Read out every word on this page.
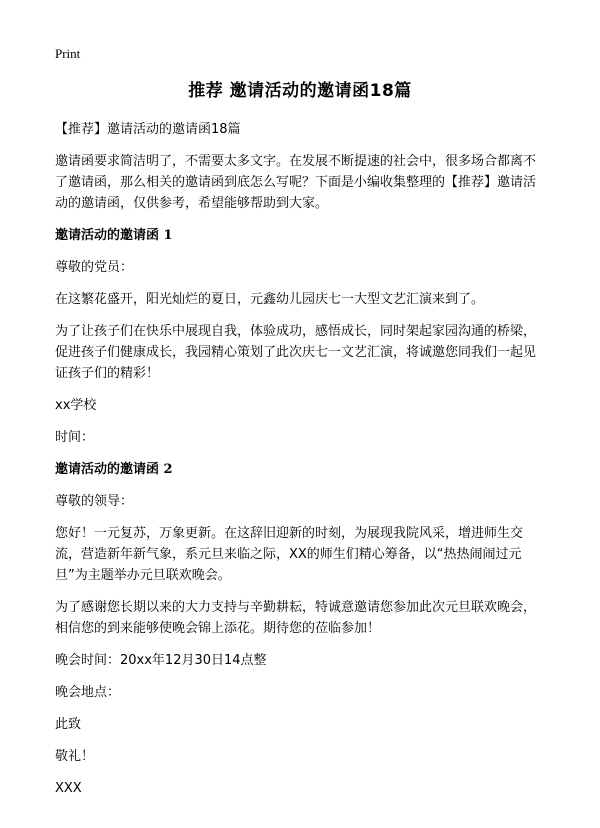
Print
推荐 邀请活动的邀请函18篇

【推荐】邀请活动的邀请函18篇

邀请函要求简洁明了，不需要太多文字。在发展不断提速的社会中，很多场合都离不了邀请函，那么相关的邀请函到底怎么写呢？下面是小编收集整理的【推荐】邀请活动的邀请函，仅供参考，希望能够帮助到大家。

邀请活动的邀请函 1

尊敬的党员：

在这繁花盛开，阳光灿烂的夏日，元鑫幼儿园庆七一大型文艺汇演来到了。

为了让孩子们在快乐中展现自我，体验成功，感悟成长，同时架起家园沟通的桥梁，促进孩子们健康成长，我园精心策划了此次庆七一文艺汇演，将诚邀您同我们一起见证孩子们的精彩！

xx学校

时间：

邀请活动的邀请函 2

尊敬的领导：

您好！一元复苏，万象更新。在这辞旧迎新的时刻，为展现我院风采，增进师生交流，营造新年新气象，系元旦来临之际，XX的师生们精心筹备，以“热热闹闹过元旦”为主题举办元旦联欢晚会。

为了感谢您长期以来的大力支持与辛勤耕耘，特诚意邀请您参加此次元旦联欢晚会，相信您的到来能够使晚会锦上添花。期待您的莅临参加！

晚会时间：20xx年12月30日14点整

晚会地点：

此致

敬礼！

XXX
